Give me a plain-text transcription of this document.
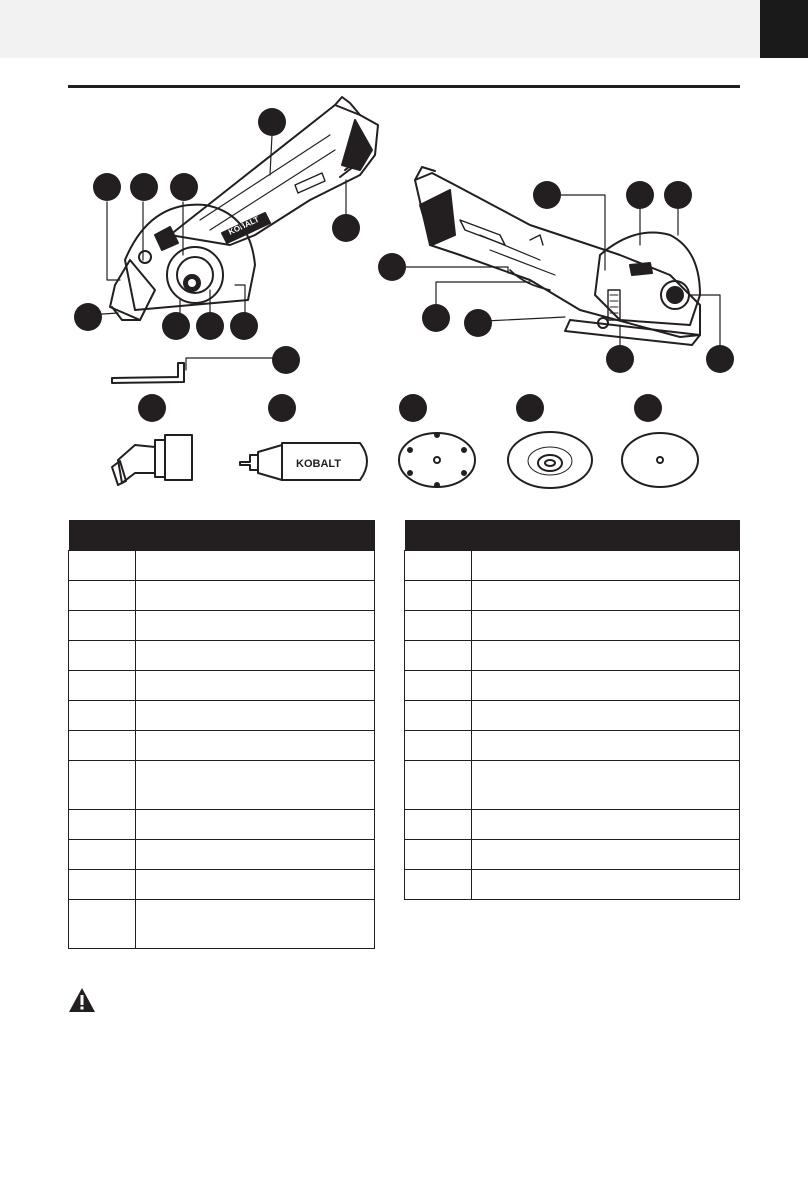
KOBALT
KOBALT
